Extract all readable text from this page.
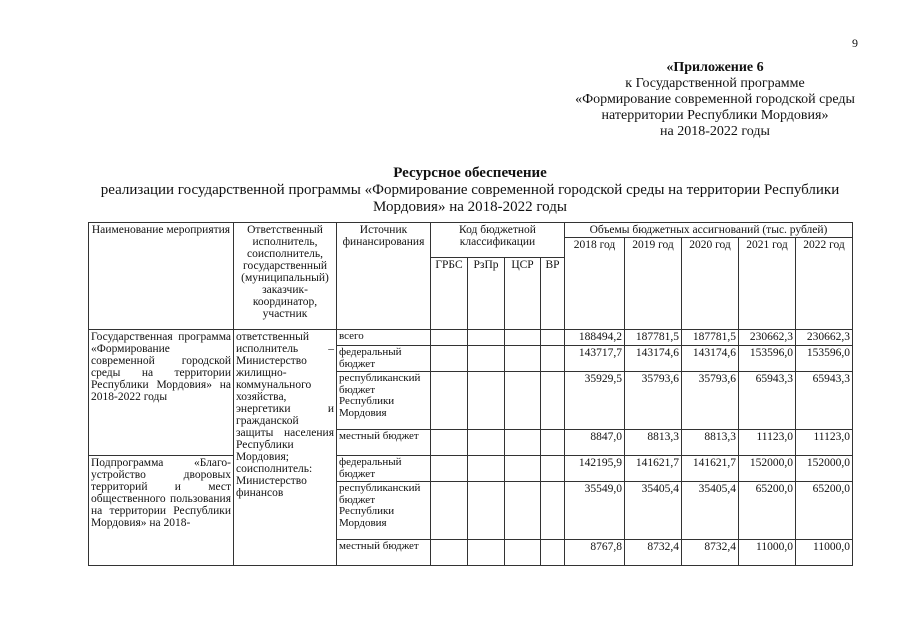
9
«Приложение 6
к Государственной программе
«Формирование современной городской среды
натерритории Республики Мордовия»
на 2018-2022 годы
Ресурсное обеспечение
реализации государственной программы «Формирование современной городской среды на территории Республики
Мордовия» на 2018-2022 годы
Наименование мероприятия	Ответственный исполнитель, соисполнитель, государственный (муниципальный) заказчик-координатор, участник	Источник финансирования	Код бюджетной классификации				Объемы бюджетных ассигнований (тыс. рублей)				
							2018 год	2019 год	2020 год	2021 год	2022 год
			ГРБС	РзПр	ЦСР	ВР					
Государственная программа «Формирование современной городской среды на территории Республики Мордовия» на 2018-2022 годы	ответственный исполнитель – Министерство жилищно-коммунального хозяйства, энергетики и гражданской защиты населения Республики Мордовия; соисполнитель: Министерство финансов	всего					188494,2	187781,5	187781,5	230662,3	230662,3
		федеральный бюджет					143717,7	143174,6	143174,6	153596,0	153596,0
		республиканский бюджет Республики Мордовия					35929,5	35793,6	35793,6	65943,3	65943,3
		местный бюджет					8847,0	8813,3	8813,3	11123,0	11123,0
Подпрограмма «Благо-устройство дворовых территорий и мест общественного пользования на территории Республики Мордовия» на 2018-		федеральный бюджет					142195,9	141621,7	141621,7	152000,0	152000,0
		республиканский бюджет Республики Мордовия					35549,0	35405,4	35405,4	65200,0	65200,0
		местный бюджет					8767,8	8732,4	8732,4	11000,0	11000,0
